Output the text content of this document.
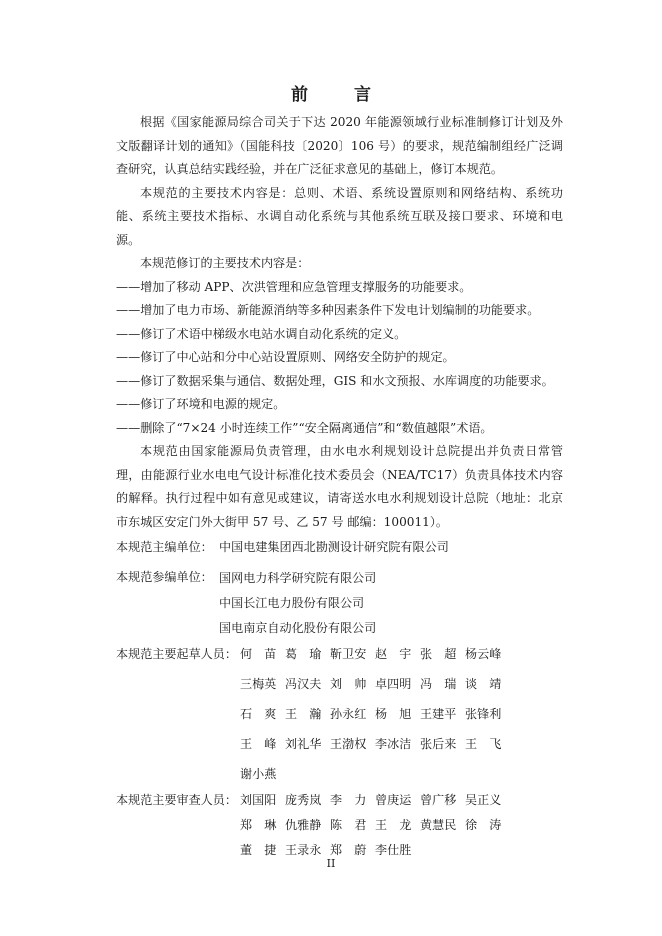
前 言

根据《国家能源局综合司关于下达 2020 年能源领域行业标准制修订计划及外文版翻译计划的通知》（国能科技〔2020〕106 号）的要求，规范编制组经广泛调查研究，认真总结实践经验，并在广泛征求意见的基础上，修订本规范。

本规范的主要技术内容是：总则、术语、系统设置原则和网络结构、系统功能、系统主要技术指标、水调自动化系统与其他系统互联及接口要求、环境和电源。

本规范修订的主要技术内容是：

——增加了移动 APP、次洪管理和应急管理支撑服务的功能要求。

——增加了电力市场、新能源消纳等多种因素条件下发电计划编制的功能要求。

——修订了术语中梯级水电站水调自动化系统的定义。

——修订了中心站和分中心站设置原则、网络安全防护的规定。

——修订了数据采集与通信、数据处理，GIS 和水文预报、水库调度的功能要求。

——修订了环境和电源的规定。

——删除了“7×24 小时连续工作”“安全隔离通信”和“数值越限”术语。

本规范由国家能源局负责管理，由水电水利规划设计总院提出并负责日常管理，由能源行业水电电气设计标准化技术委员会（NEA/TC17）负责具体技术内容的解释。执行过程中如有意见或建议，请寄送水电水利规划设计总院（地址：北京市东城区安定门外大街甲 57 号、乙 57 号 邮编：100011）。

本规范主编单位： 中国电建集团西北勘测设计研究院有限公司
本规范参编单位： 国网电力科学研究院有限公司
中国长江电力股份有限公司
国电南京自动化股份有限公司
本规范主要起草人员： 何　苗 葛　瑜 靳卫安 赵　宇 张　超 杨云峰
三梅英 冯汉夫 刘　帅 卓四明 冯　瑞 谈　靖
石　爽 王　瀚 孙永红 杨　旭 王建平 张锋利
王　峰 刘礼华 王渤权 李冰洁 张后来 王　飞
谢小燕
本规范主要审查人员： 刘国阳 庞秀岚 李　力 曾庚运 曾广移 吴正义
郑　琳 仇雅静 陈　君 王　龙 黄慧民 徐　涛
董　捷 王录永 郑　蔚 李仕胜
II
